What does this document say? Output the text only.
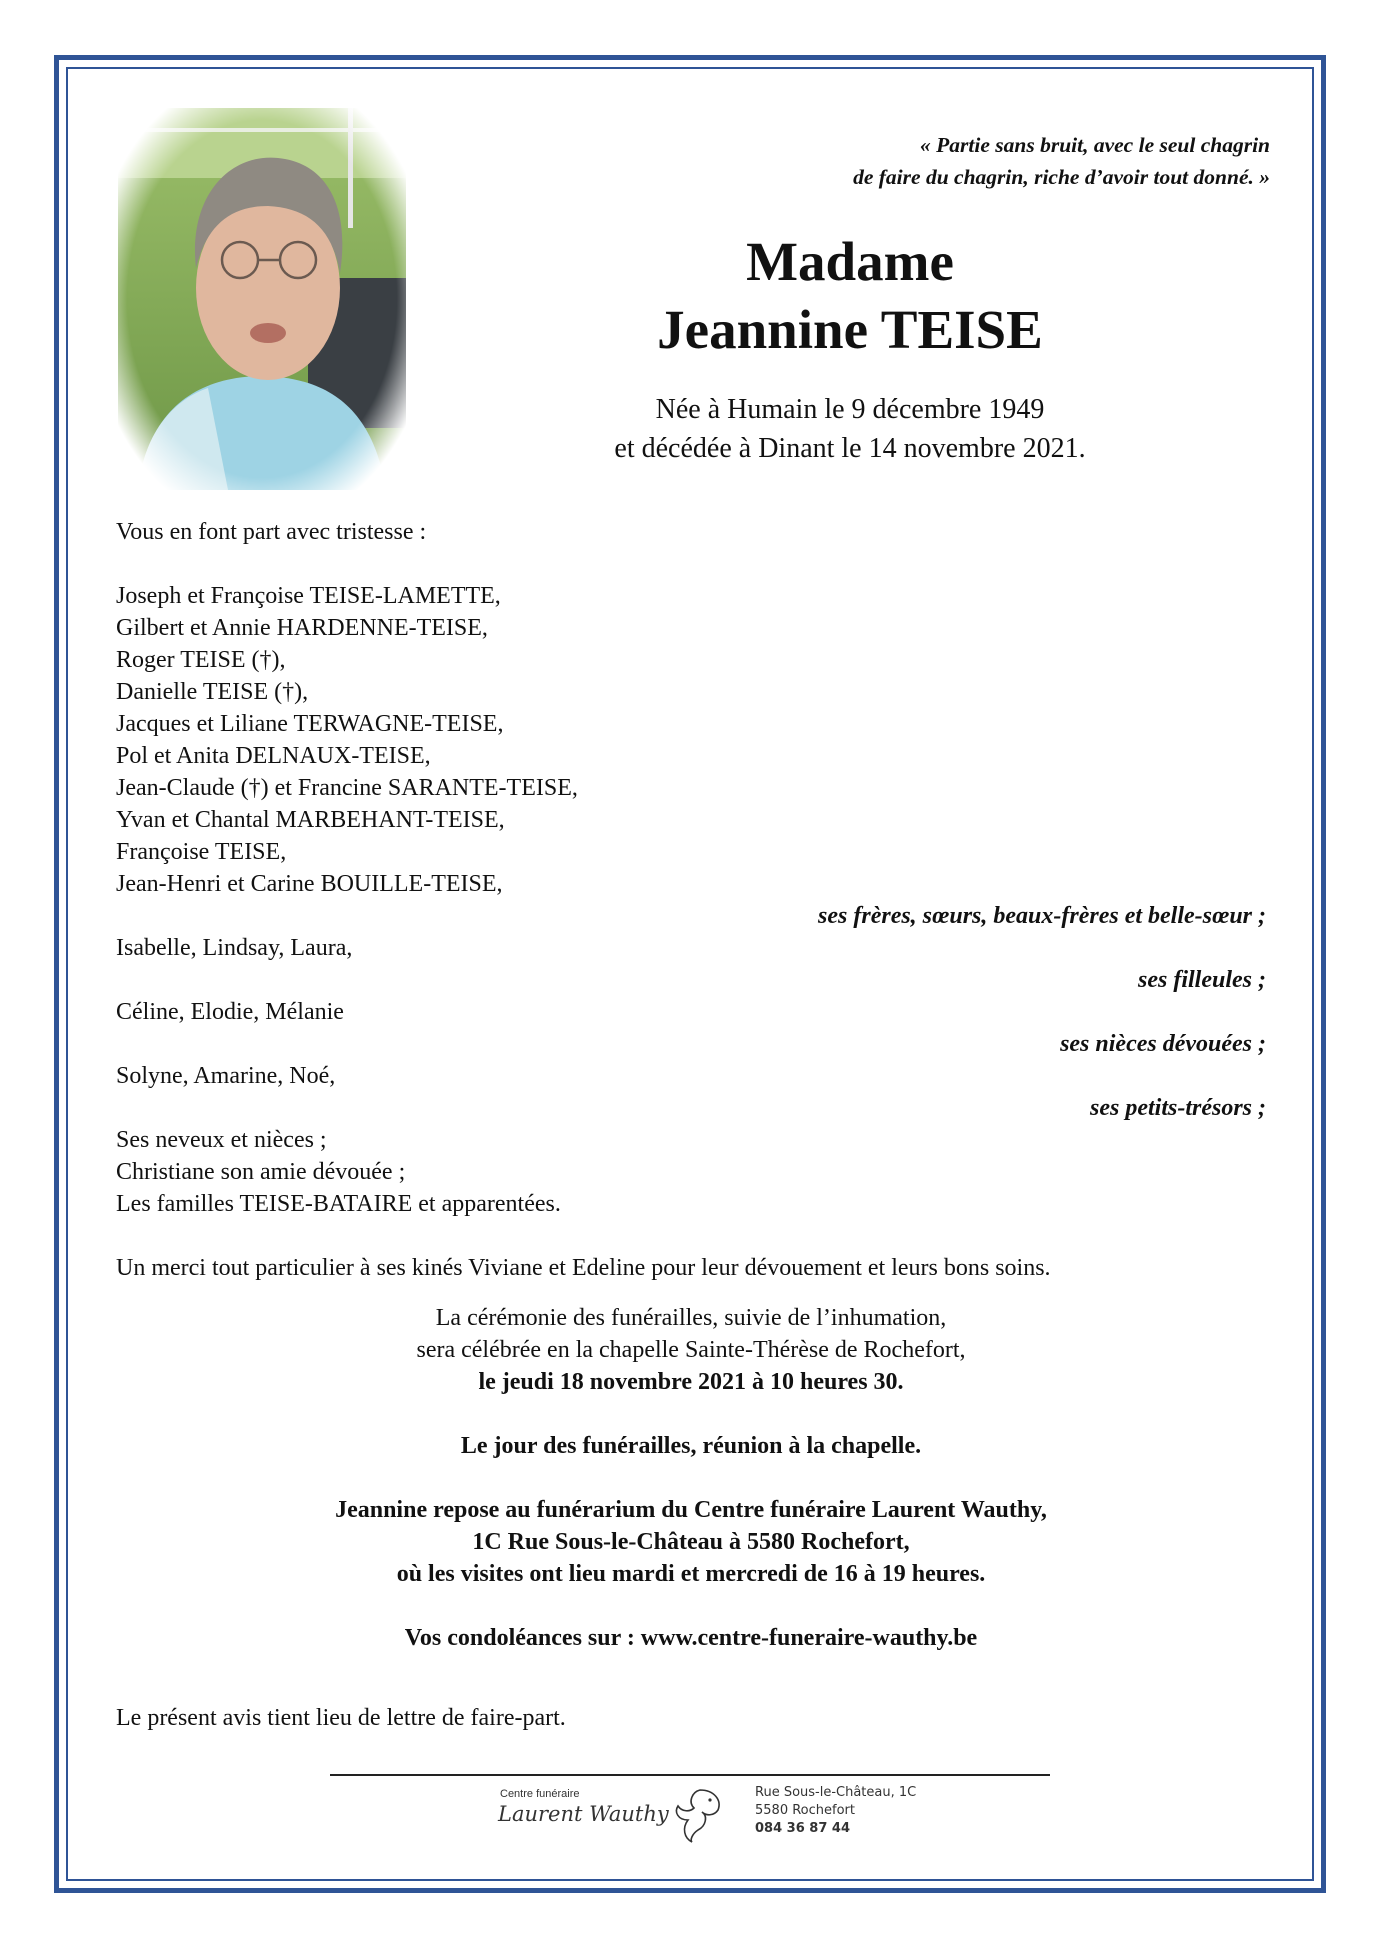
« Partie sans bruit, avec le seul chagrin
de faire du chagrin, riche d’avoir tout donné. »
Madame
Jeannine TEISE
Née à Humain le 9 décembre 1949
et décédée à Dinant le 14 novembre 2021.
Vous en font part avec tristesse :
Joseph et Françoise TEISE-LAMETTE,
Gilbert et Annie HARDENNE-TEISE,
Roger TEISE (†),
Danielle TEISE (†),
Jacques et Liliane TERWAGNE-TEISE,
Pol et Anita DELNAUX-TEISE,
Jean-Claude (†) et Francine SARANTE-TEISE,
Yvan et Chantal MARBEHANT-TEISE,
Françoise TEISE,
Jean-Henri et Carine BOUILLE-TEISE,
ses frères, sœurs, beaux-frères et belle-sœur ;
Isabelle, Lindsay, Laura,
ses filleules ;
Céline, Elodie, Mélanie
ses nièces dévouées ;
Solyne, Amarine, Noé,
ses petits-trésors ;
Ses neveux et nièces ;
Christiane son amie dévouée ;
Les familles TEISE-BATAIRE et apparentées.
Un merci tout particulier à ses kinés Viviane et Edeline pour leur dévouement et leurs bons soins.
La cérémonie des funérailles, suivie de l’inhumation,
sera célébrée en la chapelle Sainte-Thérèse de Rochefort,
le jeudi 18 novembre 2021 à 10 heures 30.
Le jour des funérailles, réunion à la chapelle.
Jeannine repose au funérarium du Centre funéraire Laurent Wauthy,
1C Rue Sous-le-Château à 5580 Rochefort,
où les visites ont lieu mardi et mercredi de 16 à 19 heures.
Vos condoléances sur : www.centre-funeraire-wauthy.be
Le présent avis tient lieu de lettre de faire-part.
Centre funéraire
Laurent Wauthy
Rue Sous-le-Château, 1C
5580 Rochefort
084 36 87 44
